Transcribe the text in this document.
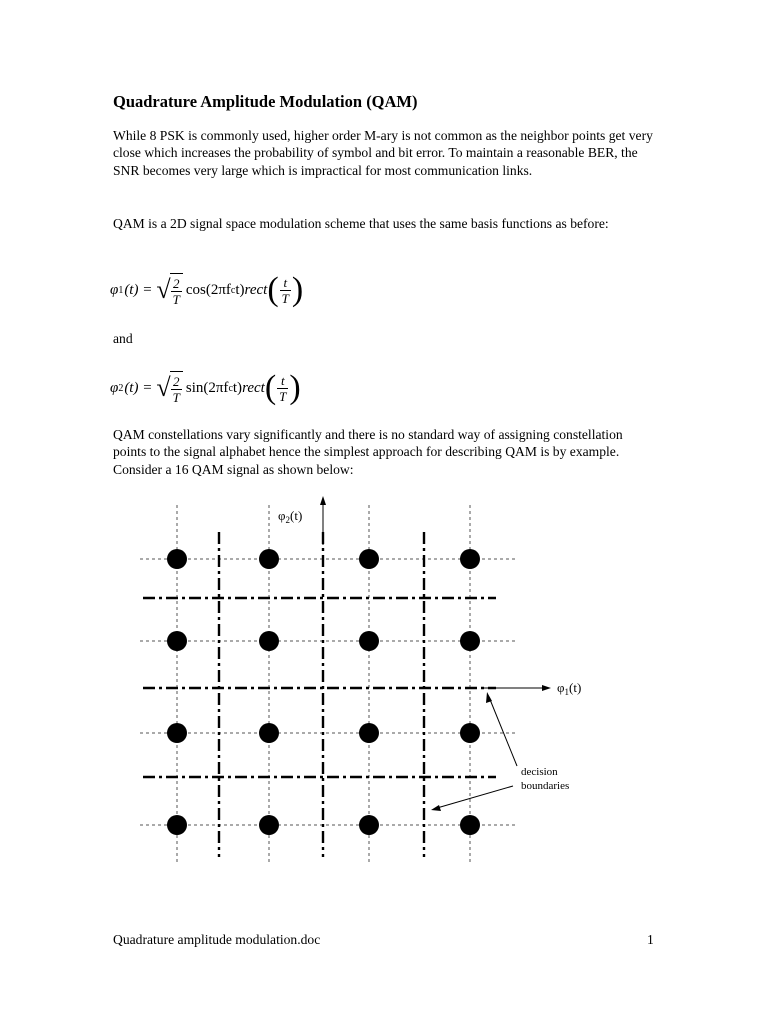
Quadrature Amplitude Modulation (QAM)

While 8 PSK is commonly used, higher order M-ary is not common as the neighbor points get very close which increases the probability of symbol and bit error. To maintain a reasonable BER, the SNR becomes very large which is impractical for most communication links.

QAM is a 2D signal space modulation scheme that uses the same basis functions as before:

φ 1 (t) = √ $\frac{2}{T} \cos(2\pi f$ c t) rect ( $\frac{t}{T}$ )

and

φ 2 (t) = √ $\frac{2}{T} \sin(2\pi f$ c t) rect ( $\frac{t}{T}$ )

QAM constellations vary significantly and there is no standard way of assigning constellation points to the signal alphabet hence the simplest approach for describing QAM is by example. Consider a 16 QAM signal as shown below:

$\varphi_2(t)$
$\varphi_1(t)$
decision
boundaries

Quadrature amplitude modulation.doc	1
